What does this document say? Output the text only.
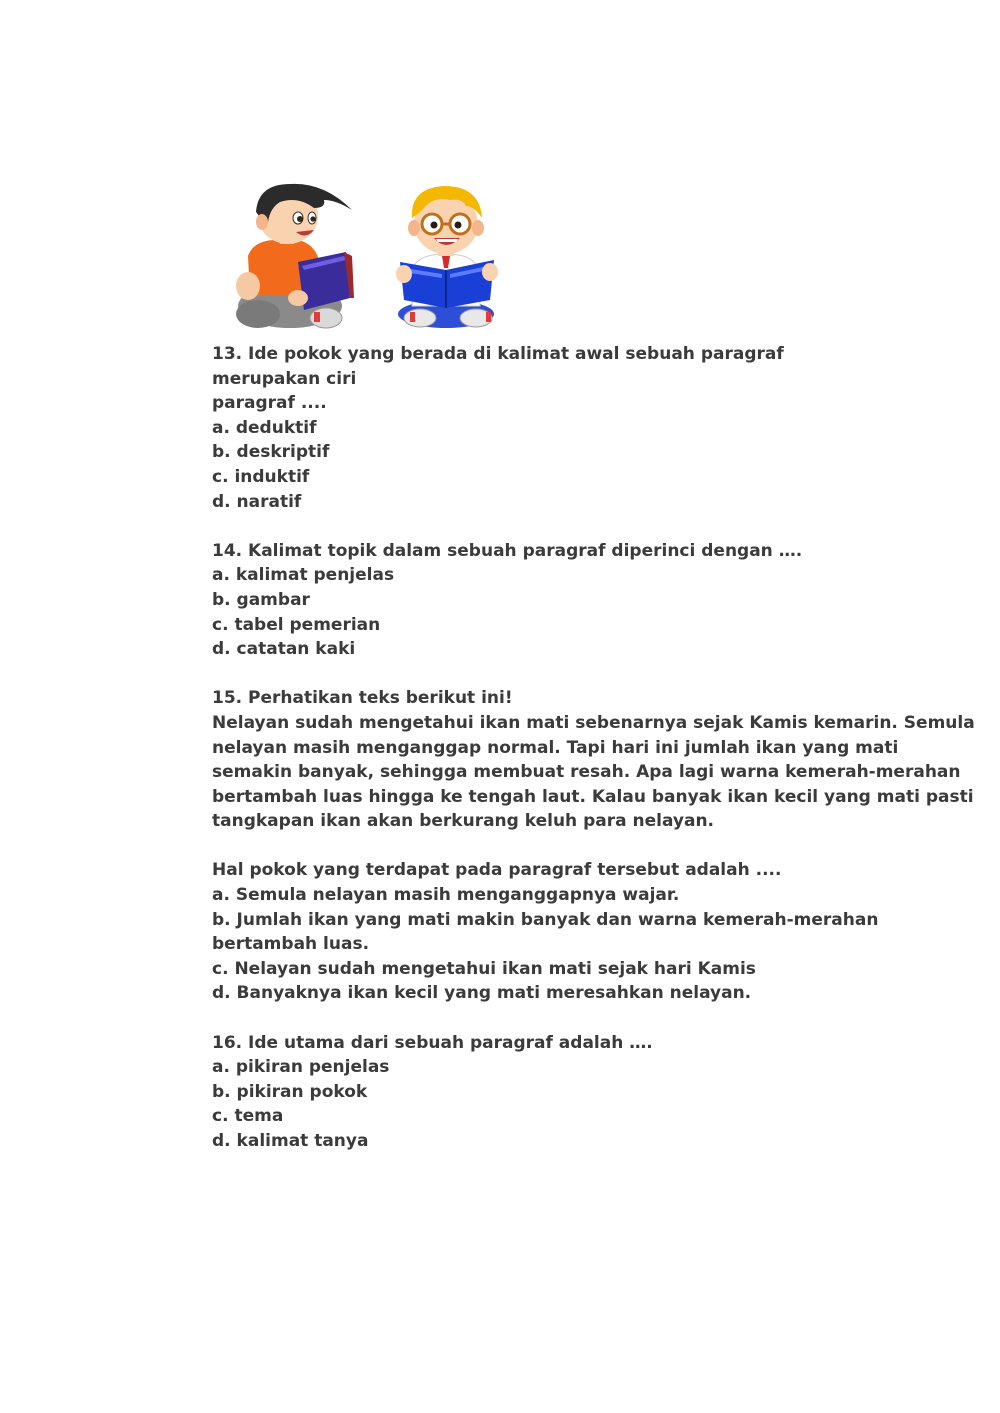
13. Ide pokok yang berada di kalimat awal sebuah paragraf merupakan ciri
paragraf ....
a. deduktif
b. deskriptif
c. induktif
d. naratif
14. Kalimat topik dalam sebuah paragraf diperinci dengan ….
a. kalimat penjelas
b. gambar
c. tabel pemerian
d. catatan kaki
15. Perhatikan teks berikut ini!
Nelayan sudah mengetahui ikan mati sebenarnya sejak Kamis kemarin. Semula
nelayan masih menganggap normal. Tapi hari ini jumlah ikan yang mati
semakin banyak, sehingga membuat resah. Apa lagi warna kemerah-merahan
bertambah luas hingga ke tengah laut. Kalau banyak ikan kecil yang mati pasti
tangkapan ikan akan berkurang keluh para nelayan.
Hal pokok yang terdapat pada paragraf tersebut adalah ....
a. Semula nelayan masih menganggapnya wajar.
b. Jumlah ikan yang mati makin banyak dan warna kemerah-merahan
bertambah luas.
c. Nelayan sudah mengetahui ikan mati sejak hari Kamis
d. Banyaknya ikan kecil yang mati meresahkan nelayan.
16. Ide utama dari sebuah paragraf adalah ….
a. pikiran penjelas
b. pikiran pokok
c. tema
d. kalimat tanya
